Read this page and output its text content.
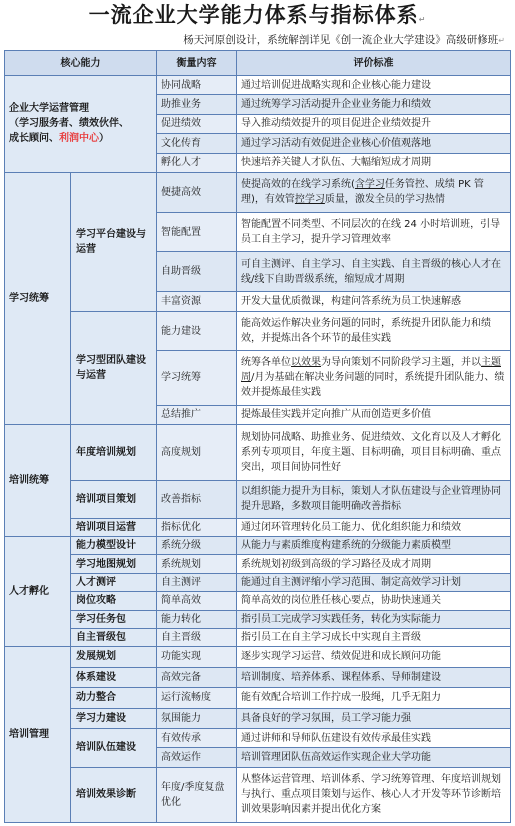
一流企业大学能力体系与指标体系↵
杨天河原创设计，系统解剖详见《创一流企业大学建设》高级研修班↵
核心能力		衡量内容	评价标准
企业大学运营管理
（学习服务者、绩效伙伴、
成长顾问、利润中心）		协同战略	通过培训促进战略实现和企业核心能力建设
		助推业务	通过统筹学习活动提升企业业务能力和绩效
		促进绩效	导入推动绩效提升的项目促进企业绩效提升
		文化传育	通过学习活动有效促进企业核心价值观落地
		孵化人才	快速培养关键人才队伍、大幅缩短成才周期
学习统筹	学习平台建设与运营	便捷高效	使提高效的在线学习系统(含学习任务管控、成绩 PK 管理)，有效管控学习质量，激发全员的学习热情
		智能配置	智能配置不同类型、不同层次的在线 24 小时培训班，引导员工自主学习，提升学习管理效率
		自助晋级	可自主测评、自主学习、自主实践、自主晋级的核心人才在线/线下自助晋级系统，缩短成才周期
		丰富资源	开发大量优质微课，构建问答系统为员工快速解惑
	学习型团队建设与运营	能力建设	能高效运作解决业务问题的同时，系统提升团队能力和绩效，并提炼出各个环节的最佳实践
		学习统筹	统筹各单位以效果为导向策划不同阶段学习主题，并以主题周/月为基础在解决业务问题的同时，系统提升团队能力、绩效并提炼最佳实践
		总结推广	提炼最佳实践并定向推广从而创造更多价值
培训统筹	年度培训规划	高度规划	规划协同战略、助推业务、促进绩效、文化育以及人才孵化系列专项项目，年度主题、目标明确，项目目标明确、重点突出，项目间协同性好
	培训项目策划	改善指标	以组织能力提升为目标，策划人才队伍建设与企业管理协同提升思路，多数项目能明确改善指标
	培训项目运营	指标优化	通过闭环管理转化员工能力、优化组织能力和绩效
人才孵化	能力模型设计	系统分级	从能力与素质维度构建系统的分级能力素质模型
	学习地图规划	系统规划	系统规划初级到高级的学习路径及成才周期
	人才测评	自主测评	能通过自主测评缩小学习范围、制定高效学习计划
	岗位攻略	简单高效	简单高效的岗位胜任核心要点，协助快速通关
	学习任务包	能力转化	指引员工完成学习实践任务，转化为实际能力
	自主晋级包	自主晋级	指引员工在自主学习成长中实现自主晋级
培训管理	发展规划	功能实现	逐步实现学习运营、绩效促进和成长顾问功能
	体系建设	高效完备	培训制度、培养体系、课程体系、导师制建设
	动力整合	运行流畅度	能有效配合培训工作拧成一股绳，几乎无阻力
	学习力建设	氛围能力	具备良好的学习氛围，员工学习能力强
	培训队伍建设	有效传承	通过讲师和导师队伍建设有效传承最佳实践
		高效运作	培训管理团队伍高效运作实现企业大学功能
	培训效果诊断	年度/季度复盘优化	从整体运营管理、培训体系、学习统筹管理、年度培训规划与执行、重点项目策划与运作、核心人才开发等环节诊断培训效果影响因素并提出优化方案
